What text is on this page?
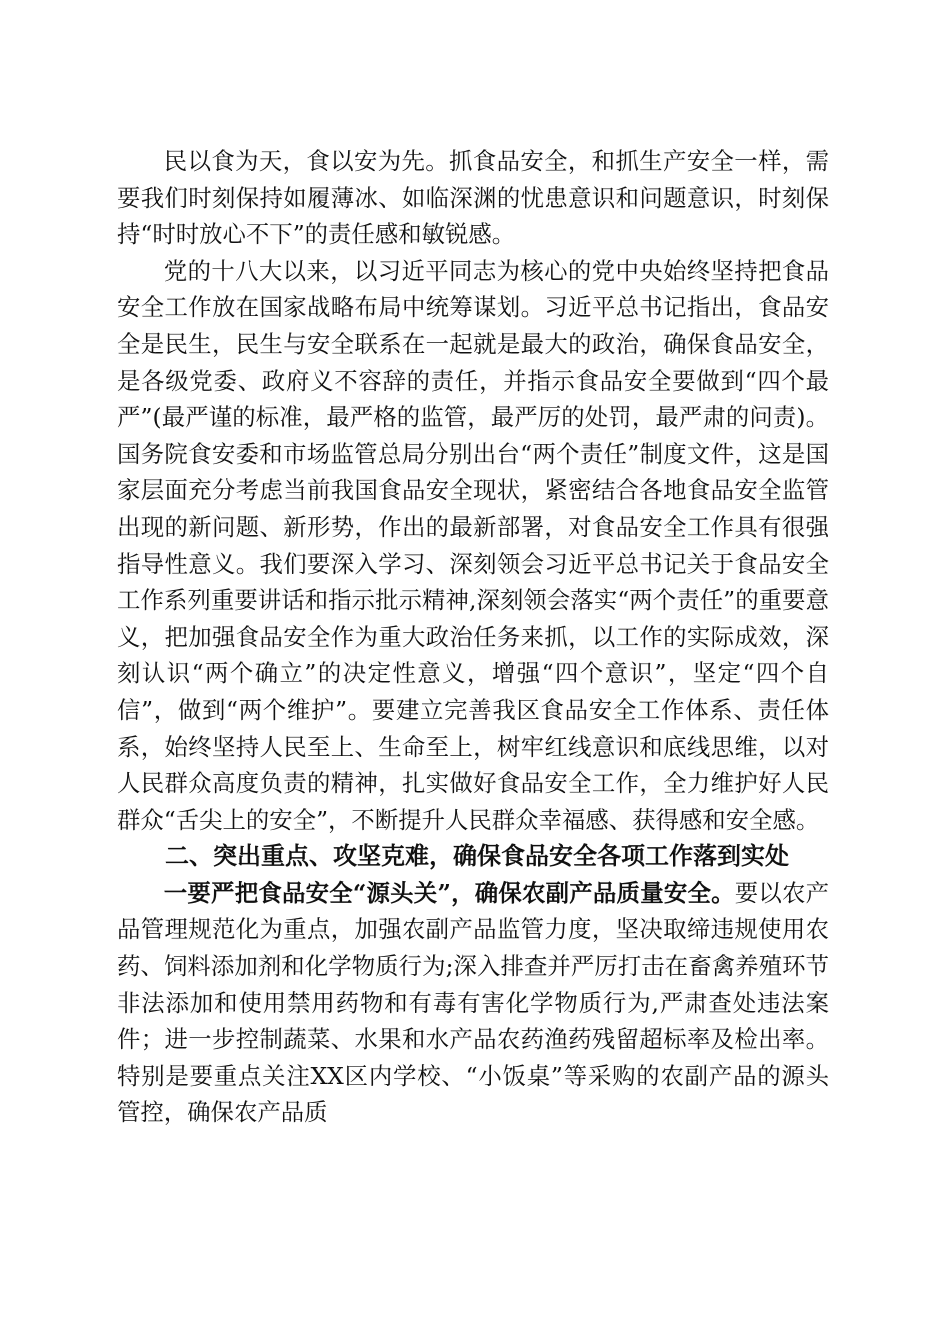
民以食为天，食以安为先。抓食品安全，和抓生产安全一样，需要我们时刻保持如履薄冰、如临深渊的忧患意识和问题意识，时刻保持“时时放心不下”的责任感和敏锐感。

党的十八大以来，以习近平同志为核心的党中央始终坚持把食品安全工作放在国家战略布局中统筹谋划。习近平总书记指出，食品安全是民生，民生与安全联系在一起就是最大的政治，确保食品安全，是各级党委、政府义不容辞的责任，并指示食品安全要做到“四个最严”(最严谨的标准，最严格的监管，最严厉的处罚，最严肃的问责)。国务院食安委和市场监管总局分别出台“两个责任”制度文件，这是国家层面充分考虑当前我国食品安全现状，紧密结合各地食品安全监管出现的新问题、新形势，作出的最新部署，对食品安全工作具有很强指导性意义。我们要深入学习、深刻领会习近平总书记关于食品安全工作系列重要讲话和指示批示精神,深刻领会落实“两个责任”的重要意义，把加强食品安全作为重大政治任务来抓，以工作的实际成效，深刻认识“两个确立”的决定性意义，增强“四个意识”，坚定“四个自信”，做到“两个维护”。要建立完善我区食品安全工作体系、责任体系，始终坚持人民至上、生命至上，树牢红线意识和底线思维，以对人民群众高度负责的精神，扎实做好食品安全工作，全力维护好人民群众“舌尖上的安全”，不断提升人民群众幸福感、获得感和安全感。

二、突出重点、攻坚克难，确保食品安全各项工作落到实处

一要严把食品安全“源头关”，确保农副产品质量安全。要以农产品管理规范化为重点，加强农副产品监管力度，坚决取缔违规使用农药、饲料添加剂和化学物质行为;深入排查并严厉打击在畜禽养殖环节非法添加和使用禁用药物和有毒有害化学物质行为,严肃查处违法案件；进一步控制蔬菜、水果和水产品农药渔药残留超标率及检出率。特别是要重点关注XX区内学校、“小饭桌”等采购的农副产品的源头管控，确保农产品质
